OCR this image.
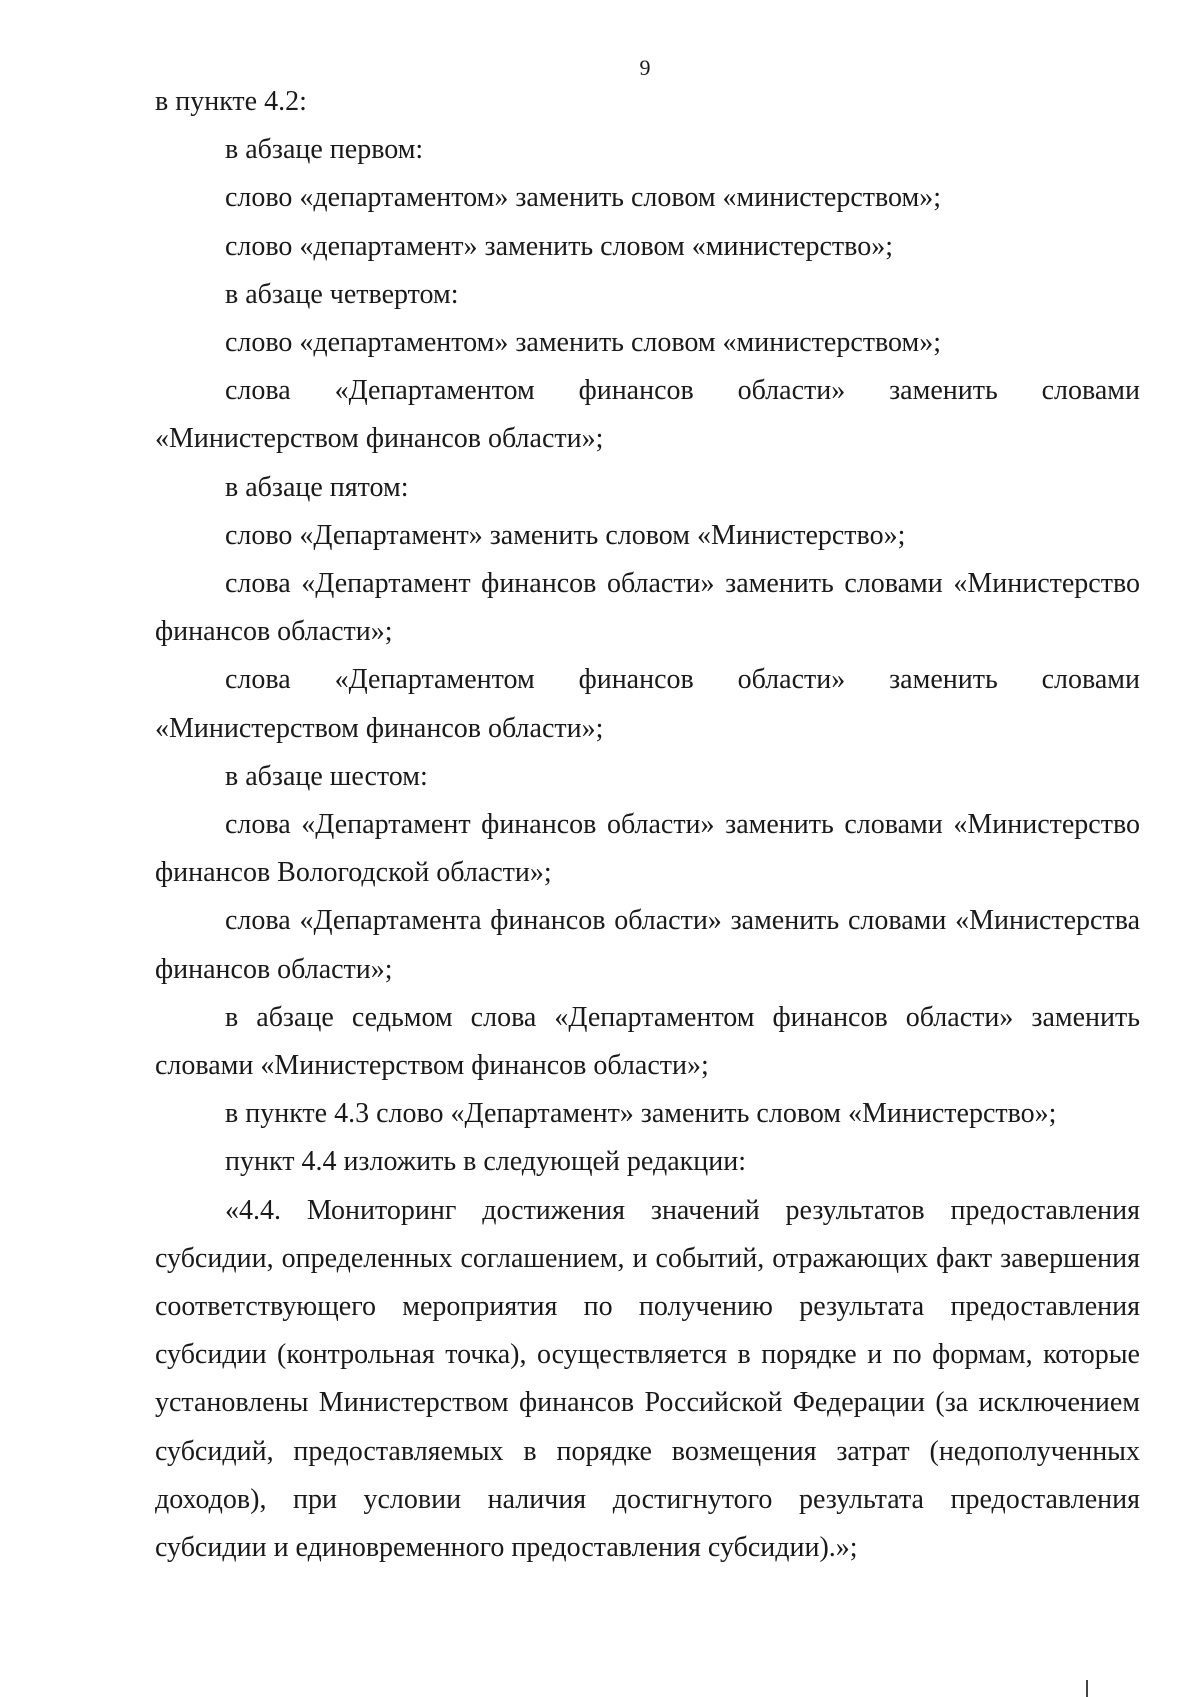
9

в пункте 4.2:

в абзаце первом:

слово «департаментом» заменить словом «министерством»;

слово «департамент» заменить словом «министерство»;

в абзаце четвертом:

слово «департаментом» заменить словом «министерством»;

слова «Департаментом финансов области» заменить словами «Министерством финансов области»;

в абзаце пятом:

слово «Департамент» заменить словом «Министерство»;

слова «Департамент финансов области» заменить словами «Министерство финансов области»;

слова «Департаментом финансов области» заменить словами «Министерством финансов области»;

в абзаце шестом:

слова «Департамент финансов области» заменить словами «Министерство финансов Вологодской области»;

слова «Департамента финансов области» заменить словами «Министерства финансов области»;

в абзаце седьмом слова «Департаментом финансов области» заменить словами «Министерством финансов области»;

в пункте 4.3 слово «Департамент» заменить словом «Министерство»;

пункт 4.4 изложить в следующей редакции:

«4.4. Мониторинг достижения значений результатов предоставления субсидии, определенных соглашением, и событий, отражающих факт завершения соответствующего мероприятия по получению результата предоставления субсидии (контрольная точка), осуществляется в порядке и по формам, которые установлены Министерством финансов Российской Федерации (за исключением субсидий, предоставляемых в порядке возмещения затрат (недополученных доходов), при условии наличия достигнутого результата предоставления субсидии и единовременного предоставления субсидии).»;
